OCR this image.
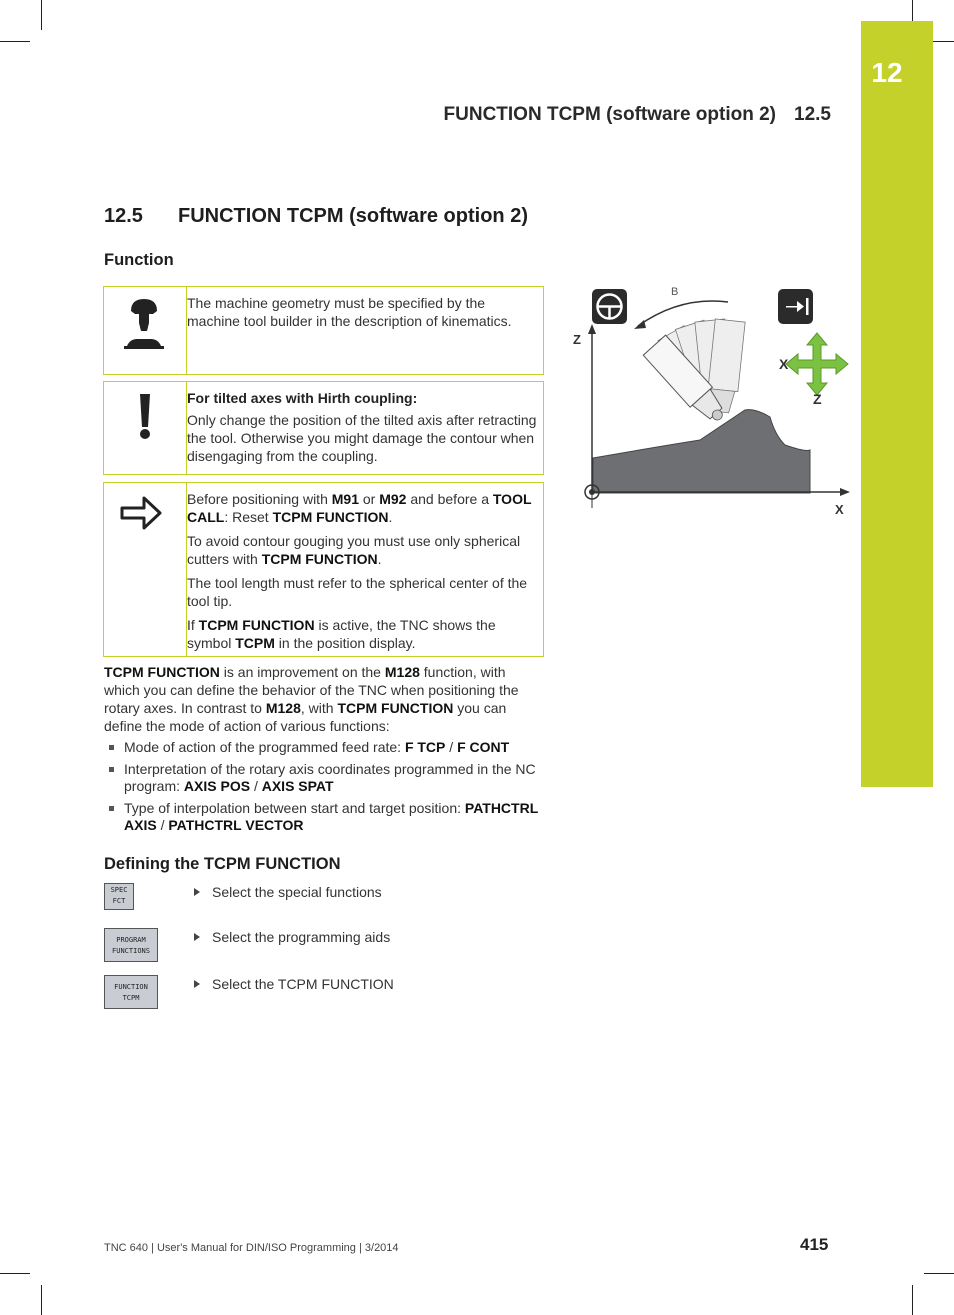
12
FUNCTION TCPM (software option 2) 12.5
12.5 FUNCTION TCPM (software option 2)
Function

The machine geometry must be specified by the machine tool builder in the description of kinematics.

For tilted axes with Hirth coupling:

Only change the position of the tilted axis after retracting the tool. Otherwise you might damage the contour when disengaging from the coupling.

Before positioning with M91 or M92 and before a TOOL CALL: Reset TCPM FUNCTION.

To avoid contour gouging you must use only spherical cutters with TCPM FUNCTION.

The tool length must refer to the spherical center of the tool tip.

If TCPM FUNCTION is active, the TNC shows the symbol TCPM in the position display.

TCPM FUNCTION is an improvement on the M128 function, with which you can define the behavior of the TNC when positioning the rotary axes. In contrast to M128, with TCPM FUNCTION you can define the mode of action of various functions:

Mode of action of the programmed feed rate: F TCP / F CONT
Interpretation of the rotary axis coordinates programmed in the NC program: AXIS POS / AXIS SPAT
Type of interpolation between start and target position: PATHCTRL AXIS / PATHCTRL VECTOR
Defining the TCPM FUNCTION
SPEC
FCT
Select the special functions
PROGRAM
FUNCTIONS
Select the programming aids
FUNCTION
TCPM
Select the TCPM FUNCTION
Z
X
B
X
Z
TNC 640 | User's Manual for DIN/ISO Programming | 3/2014	415
